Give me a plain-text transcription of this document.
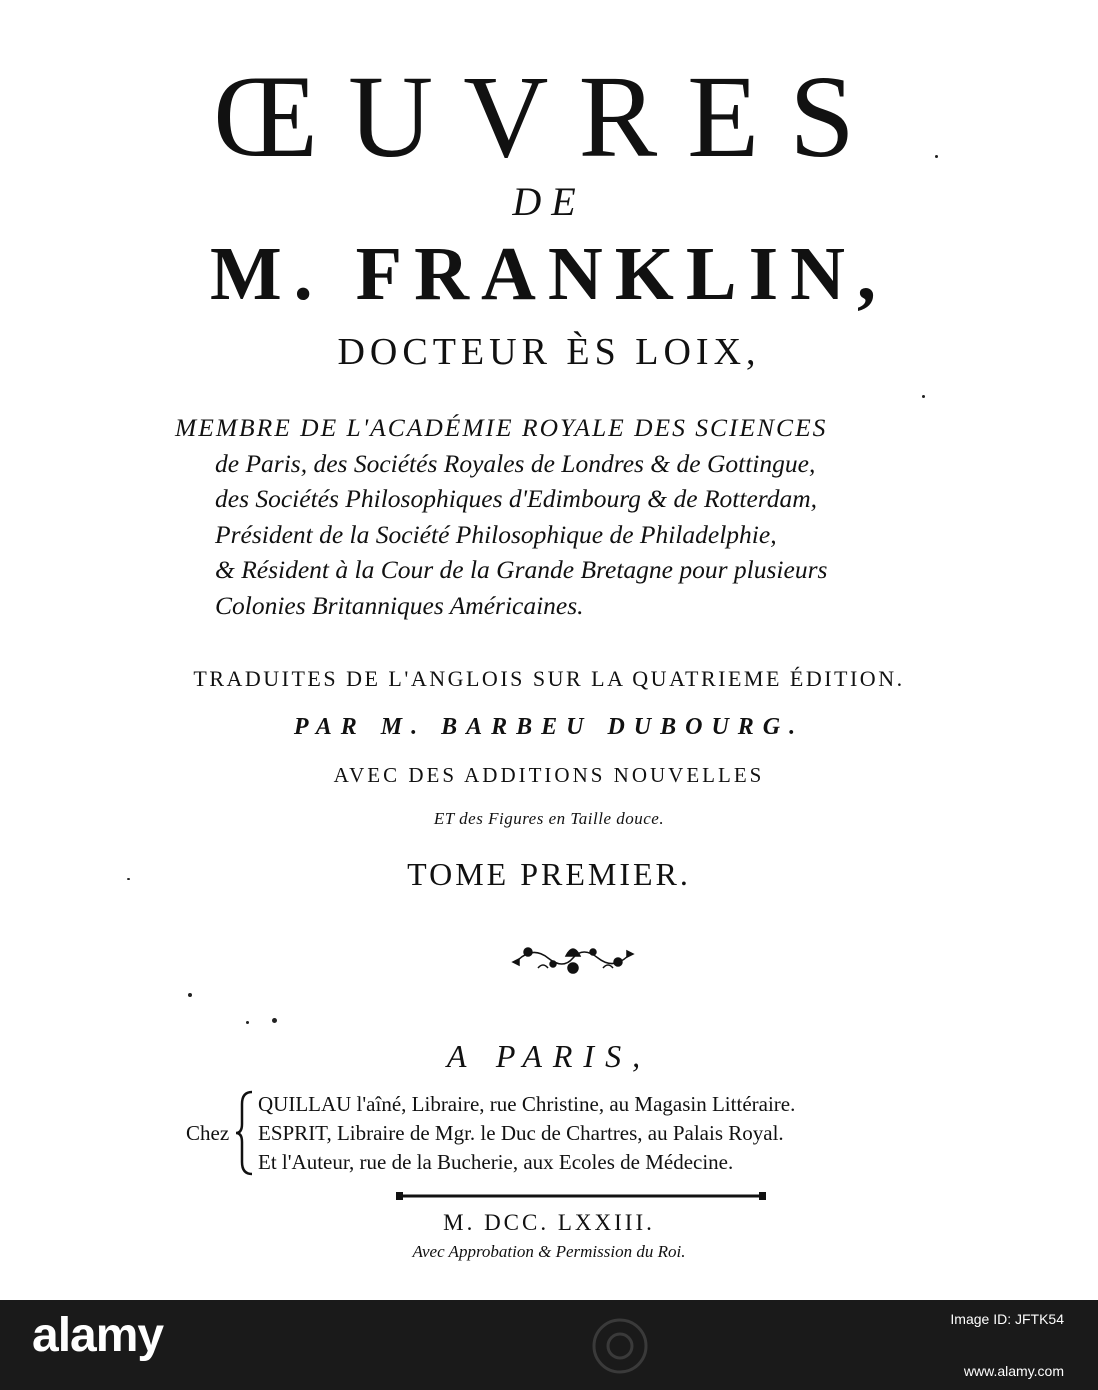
ŒUVRES
DE
M. FRANKLIN,
DOCTEUR ÈS LOIX,
MEMBRE DE L'ACADÉMIE ROYALE DES SCIENCES
de Paris, des Sociétés Royales de Londres & de Gottingue,
des Sociétés Philosophiques d'Edimbourg & de Rotterdam,
Président de la Société Philosophique de Philadelphie,
& Résident à la Cour de la Grande Bretagne pour plusieurs
Colonies Britanniques Américaines.
TRADUITES DE L'ANGLOIS SUR LA QUATRIEME ÉDITION.
PAR M. BARBEU DUBOURG.
AVEC DES ADDITIONS NOUVELLES
ET des Figures en Taille douce.
TOME PREMIER.
A PARIS,
Chez
QUILLAU l'aîné, Libraire, rue Christine, au Magasin Littéraire.
ESPRIT, Libraire de Mgr. le Duc de Chartres, au Palais Royal.
Et l'Auteur, rue de la Bucherie, aux Ecoles de Médecine.
M. DCC. LXXIII.
Avec Approbation & Permission du Roi.
alamy	Image ID: JFTK54
www.alamy.com
